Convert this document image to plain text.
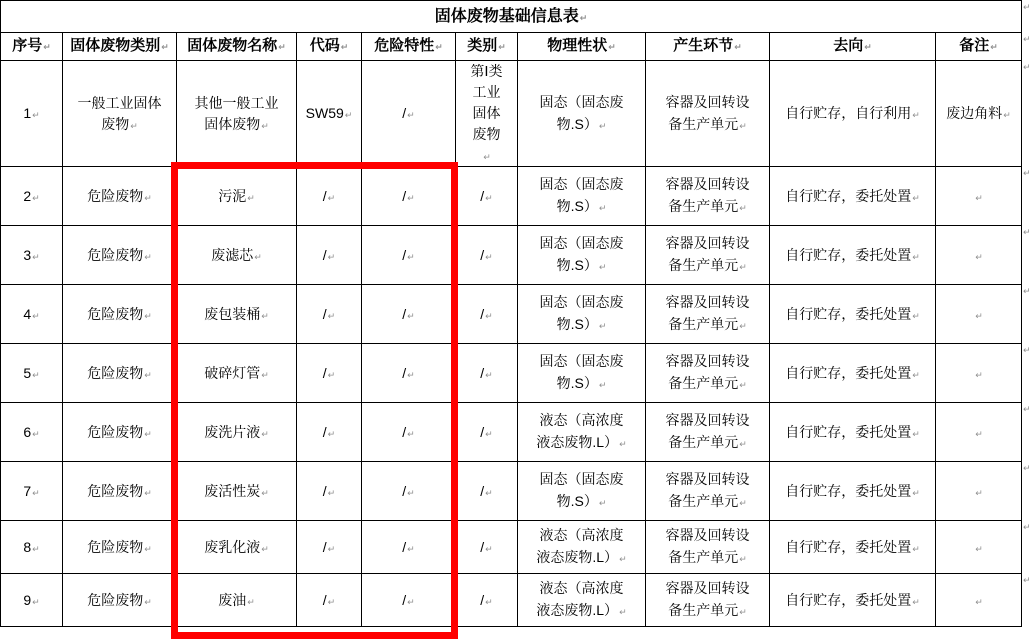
固体废物基础信息表↵									
序号↵	固体废物类别↵	固体废物名称↵	代码↵	危险特性↵	类别↵	物理性状↵	产生环节↵	去向↵	备注↵
1↵	一般工业固体废物↵	其他一般工业固体废物↵	SW59↵	/↵	第Ⅰ类工业固体废物↵	固态（固态废物.S）↵	容器及回转设备生产单元↵	自行贮存，自行利用↵	废边角料↵
2↵	危险废物↵	污泥↵	/↵	/↵	/↵	固态（固态废物.S）↵	容器及回转设备生产单元↵	自行贮存，委托处置↵	↵
3↵	危险废物↵	废滤芯↵	/↵	/↵	/↵	固态（固态废物.S）↵	容器及回转设备生产单元↵	自行贮存，委托处置↵	↵
4↵	危险废物↵	废包装桶↵	/↵	/↵	/↵	固态（固态废物.S）↵	容器及回转设备生产单元↵	自行贮存，委托处置↵	↵
5↵	危险废物↵	破碎灯管↵	/↵	/↵	/↵	固态（固态废物.S）↵	容器及回转设备生产单元↵	自行贮存，委托处置↵	↵
6↵	危险废物↵	废洗片液↵	/↵	/↵	/↵	液态（高浓度液态废物.L）↵	容器及回转设备生产单元↵	自行贮存，委托处置↵	↵
7↵	危险废物↵	废活性炭↵	/↵	/↵	/↵	固态（固态废物.S）↵	容器及回转设备生产单元↵	自行贮存，委托处置↵	↵
8↵	危险废物↵	废乳化液↵	/↵	/↵	/↵	液态（高浓度液态废物.L）↵	容器及回转设备生产单元↵	自行贮存，委托处置↵	↵
9↵	危险废物↵	废油↵	/↵	/↵	/↵	液态（高浓度液态废物.L）↵	容器及回转设备生产单元↵	自行贮存，委托处置↵	↵
↵
↵
↵
↵
↵
↵
↵
↵
↵
↵
↵
